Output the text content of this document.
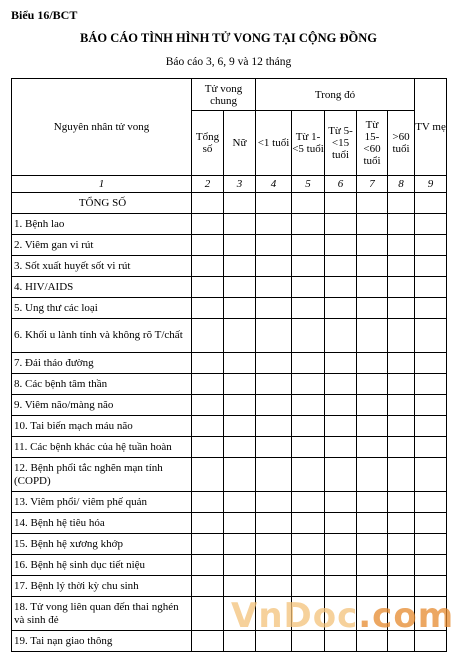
Biểu 16/BCT
BÁO CÁO TÌNH HÌNH TỬ VONG TẠI CỘNG ĐỒNG
Báo cáo 3, 6, 9 và 12 tháng
Nguyên nhân tử vong	Tử vong chung		Trong đó					TV mẹ
	Tổng số	Nữ	<1 tuổi	Từ 1-<5 tuổi	Từ 5-<15 tuổi	Từ 15-<60 tuổi	>60 tuổi	
1	2	3	4	5	6	7	8	9
TỔNG SỐ								
1. Bệnh lao								
2. Viêm gan vi rút								
3. Sốt xuất huyết sốt vi rút								
4. HIV/AIDS								
5. Ung thư các loại								
6. Khối u lành tính và không rõ T/chất								
7. Đái tháo đường								
8. Các bệnh tâm thần								
9. Viêm não/màng não								
10. Tai biến mạch máu não								
11. Các bệnh khác của hệ tuần hoàn								
12. Bệnh phổi tắc nghẽn mạn tính (COPD)								
13. Viêm phổi/ viêm phế quản								
14. Bệnh hệ tiêu hóa								
15. Bệnh hệ xương khớp								
16. Bệnh hệ sinh dục tiết niệu								
17. Bệnh lý thời kỳ chu sinh								
18. Tử vong liên quan đến thai nghén và sinh đẻ								
19. Tai nạn giao thông								
VnDoc.com
